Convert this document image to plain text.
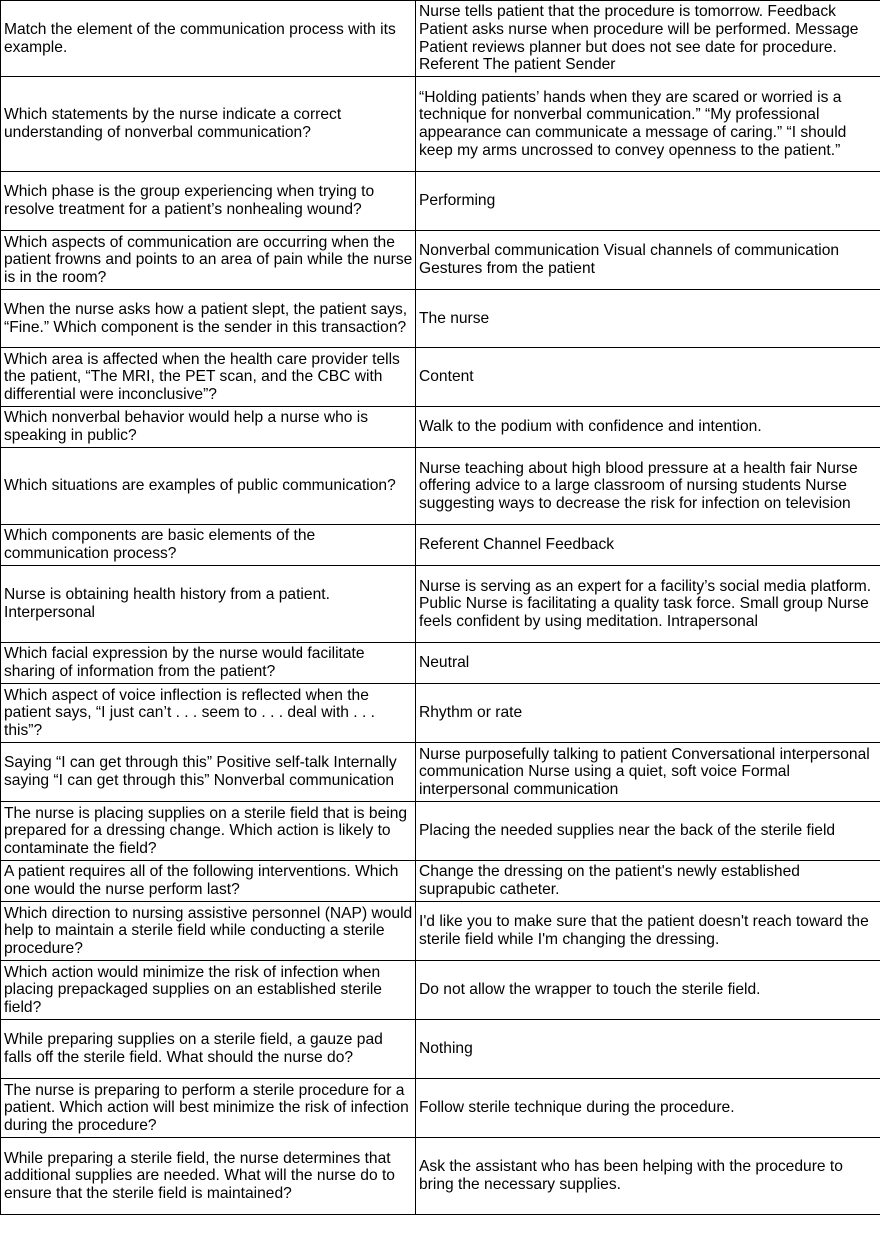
Match the element of the communication process with its example.	Nurse tells patient that the procedure is tomorrow. Feedback Patient asks nurse when procedure will be performed. Message Patient reviews planner but does not see date for procedure. Referent The patient Sender
Which statements by the nurse indicate a correct understanding of nonverbal communication?	“Holding patients’ hands when they are scared or worried is a technique for nonverbal communication.” “My professional appearance can communicate a message of caring.” “I should keep my arms uncrossed to convey openness to the patient.”
Which phase is the group experiencing when trying to resolve treatment for a patient’s nonhealing wound?	Performing
Which aspects of communication are occurring when the patient frowns and points to an area of pain while the nurse is in the room?	Nonverbal communication Visual channels of communication Gestures from the patient
When the nurse asks how a patient slept, the patient says, “Fine.” Which component is the sender in this transaction?	The nurse
Which area is affected when the health care provider tells the patient, “The MRI, the PET scan, and the CBC with differential were inconclusive”?	Content
Which nonverbal behavior would help a nurse who is speaking in public?	Walk to the podium with confidence and intention.
Which situations are examples of public communication?	Nurse teaching about high blood pressure at a health fair Nurse offering advice to a large classroom of nursing students Nurse suggesting ways to decrease the risk for infection on television
Which components are basic elements of the communication process?	Referent Channel Feedback
Nurse is obtaining health history from a patient. Interpersonal	Nurse is serving as an expert for a facility’s social media platform. Public Nurse is facilitating a quality task force. Small group Nurse feels confident by using meditation. Intrapersonal
Which facial expression by the nurse would facilitate sharing of information from the patient?	Neutral
Which aspect of voice inflection is reflected when the patient says, “I just can’t . . . seem to . . . deal with . . . this”?	Rhythm or rate
Saying “I can get through this” Positive self-talk Internally saying “I can get through this” Nonverbal communication	Nurse purposefully talking to patient Conversational interpersonal communication Nurse using a quiet, soft voice Formal interpersonal communication
The nurse is placing supplies on a sterile field that is being prepared for a dressing change. Which action is likely to contaminate the field?	Placing the needed supplies near the back of the sterile field
A patient requires all of the following interventions. Which one would the nurse perform last?	Change the dressing on the patient's newly established suprapubic catheter.
Which direction to nursing assistive personnel (NAP) would help to maintain a sterile field while conducting a sterile procedure?	I'd like you to make sure that the patient doesn't reach toward the sterile field while I'm changing the dressing.
Which action would minimize the risk of infection when placing prepackaged supplies on an established sterile field?	Do not allow the wrapper to touch the sterile field.
While preparing supplies on a sterile field, a gauze pad falls off the sterile field. What should the nurse do?	Nothing
The nurse is preparing to perform a sterile procedure for a patient. Which action will best minimize the risk of infection during the procedure?	Follow sterile technique during the procedure.
While preparing a sterile field, the nurse determines that additional supplies are needed. What will the nurse do to ensure that the sterile field is maintained?	Ask the assistant who has been helping with the procedure to bring the necessary supplies.
